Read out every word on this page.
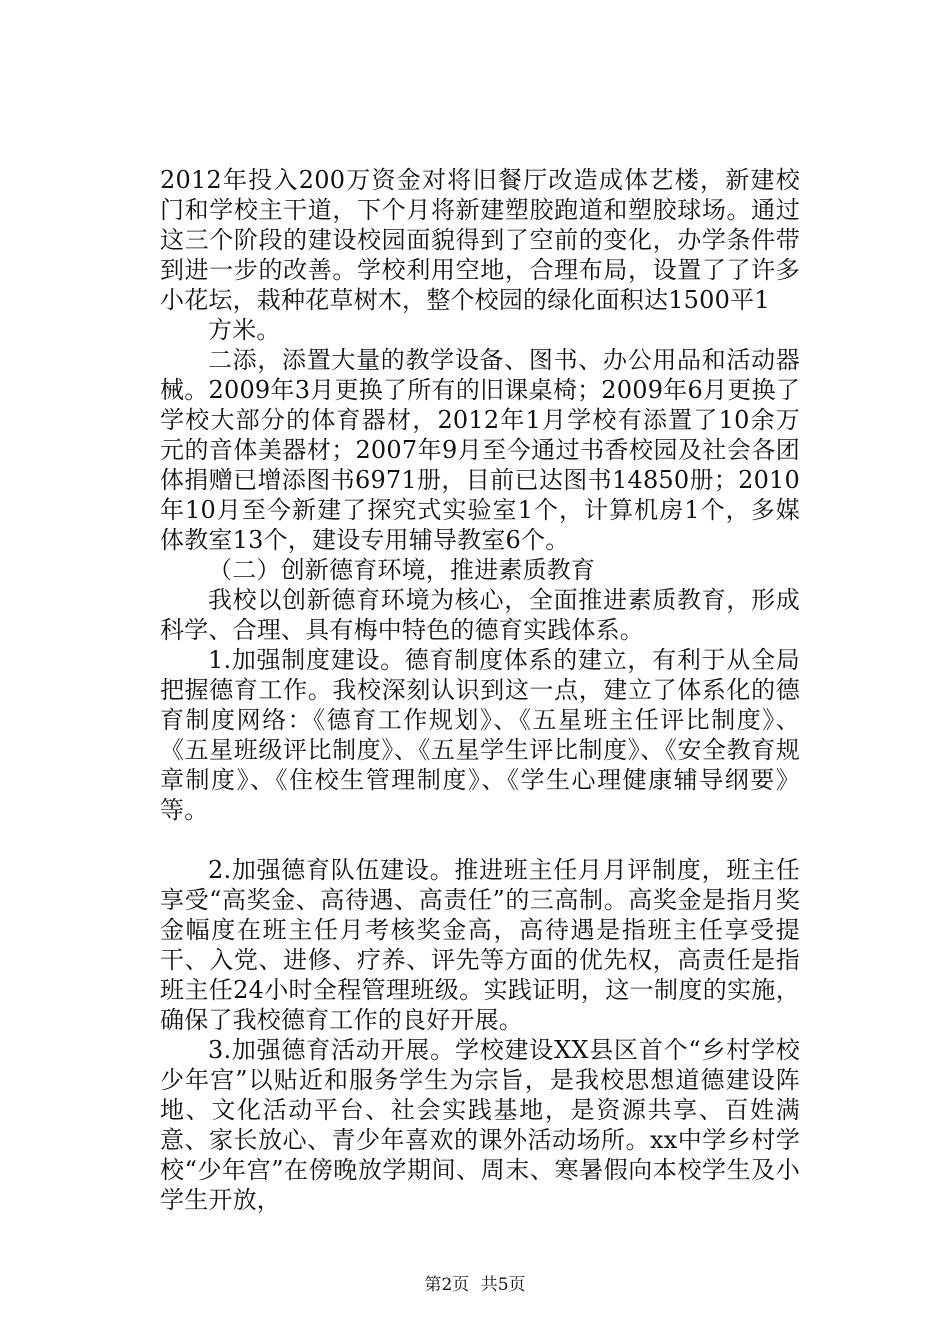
2012年投入200万资金对将旧餐厅改造成体艺楼，新建校门和学校主干道，下个月将新建塑胶跑道和塑胶球场。通过这三个阶段的建设校园面貌得到了空前的变化，办学条件带到进一步的改善。学校利用空地，合理布局，设置了了许多小花坛，栽种花草树木，整个校园的绿化面积达1500平1

方米。

二添，添置大量的教学设备、图书、办公用品和活动器械。2009年3月更换了所有的旧课桌椅；2009年6月更换了学校大部分的体育器材，2012年1月学校有添置了10余万元的音体美器材；2007年9月至今通过书香校园及社会各团体捐赠已增添图书6971册，目前已达图书14850册；2010年10月至今新建了探究式实验室1个，计算机房1个，多媒体教室13个，建设专用辅导教室6个。

（二）创新德育环境，推进素质教育

我校以创新德育环境为核心，全面推进素质教育，形成科学、合理、具有梅中特色的德育实践体系。

1.加强制度建设。德育制度体系的建立，有利于从全局把握德育工作。我校深刻认识到这一点，建立了体系化的德育制度网络：《德育工作规划》、《五星班主任评比制度》、《五星班级评比制度》、《五星学生评比制度》、《安全教育规章制度》、《住校生管理制度》、《学生心理健康辅导纲要》等。

2.加强德育队伍建设。推进班主任月月评制度，班主任享受“高奖金、高待遇、高责任”的三高制。高奖金是指月奖金幅度在班主任月考核奖金高，高待遇是指班主任享受提干、入党、进修、疗养、评先等方面的优先权，高责任是指班主任24小时全程管理班级。实践证明，这一制度的实施，确保了我校德育工作的良好开展。

3.加强德育活动开展。学校建设XX县区首个“乡村学校少年宫”以贴近和服务学生为宗旨，是我校思想道德建设阵地、文化活动平台、社会实践基地，是资源共享、百姓满意、家长放心、青少年喜欢的课外活动场所。xx中学乡村学校“少年宫”在傍晚放学期间、周末、寒暑假向本校学生及小学生开放，

第2页 共5页
